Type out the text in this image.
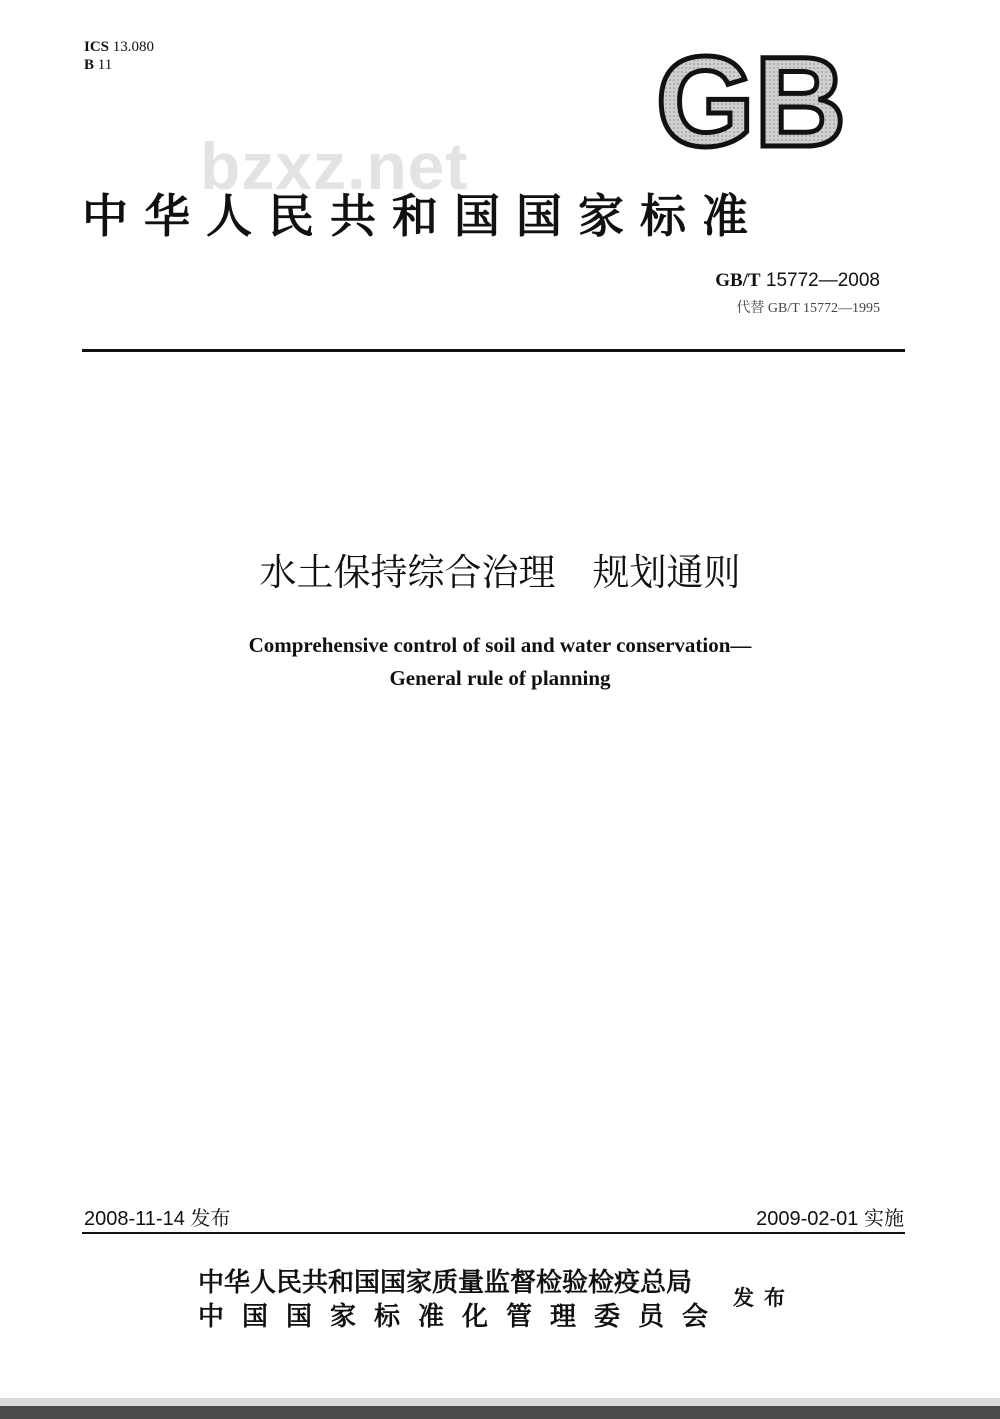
ICS 13.080
B 11	GB
bzxz.net
中华人民共和国国家标准
GB/T 15772—2008
代替 GB/T 15772—1995
水土保持综合治理　规划通则
Comprehensive control of soil and water conservation—
General rule of planning
2008-11-14 发布	2009-02-01 实施
中华人民共和国国家质量监督检验检疫总局
中国国家标准化管理委员会
发布
